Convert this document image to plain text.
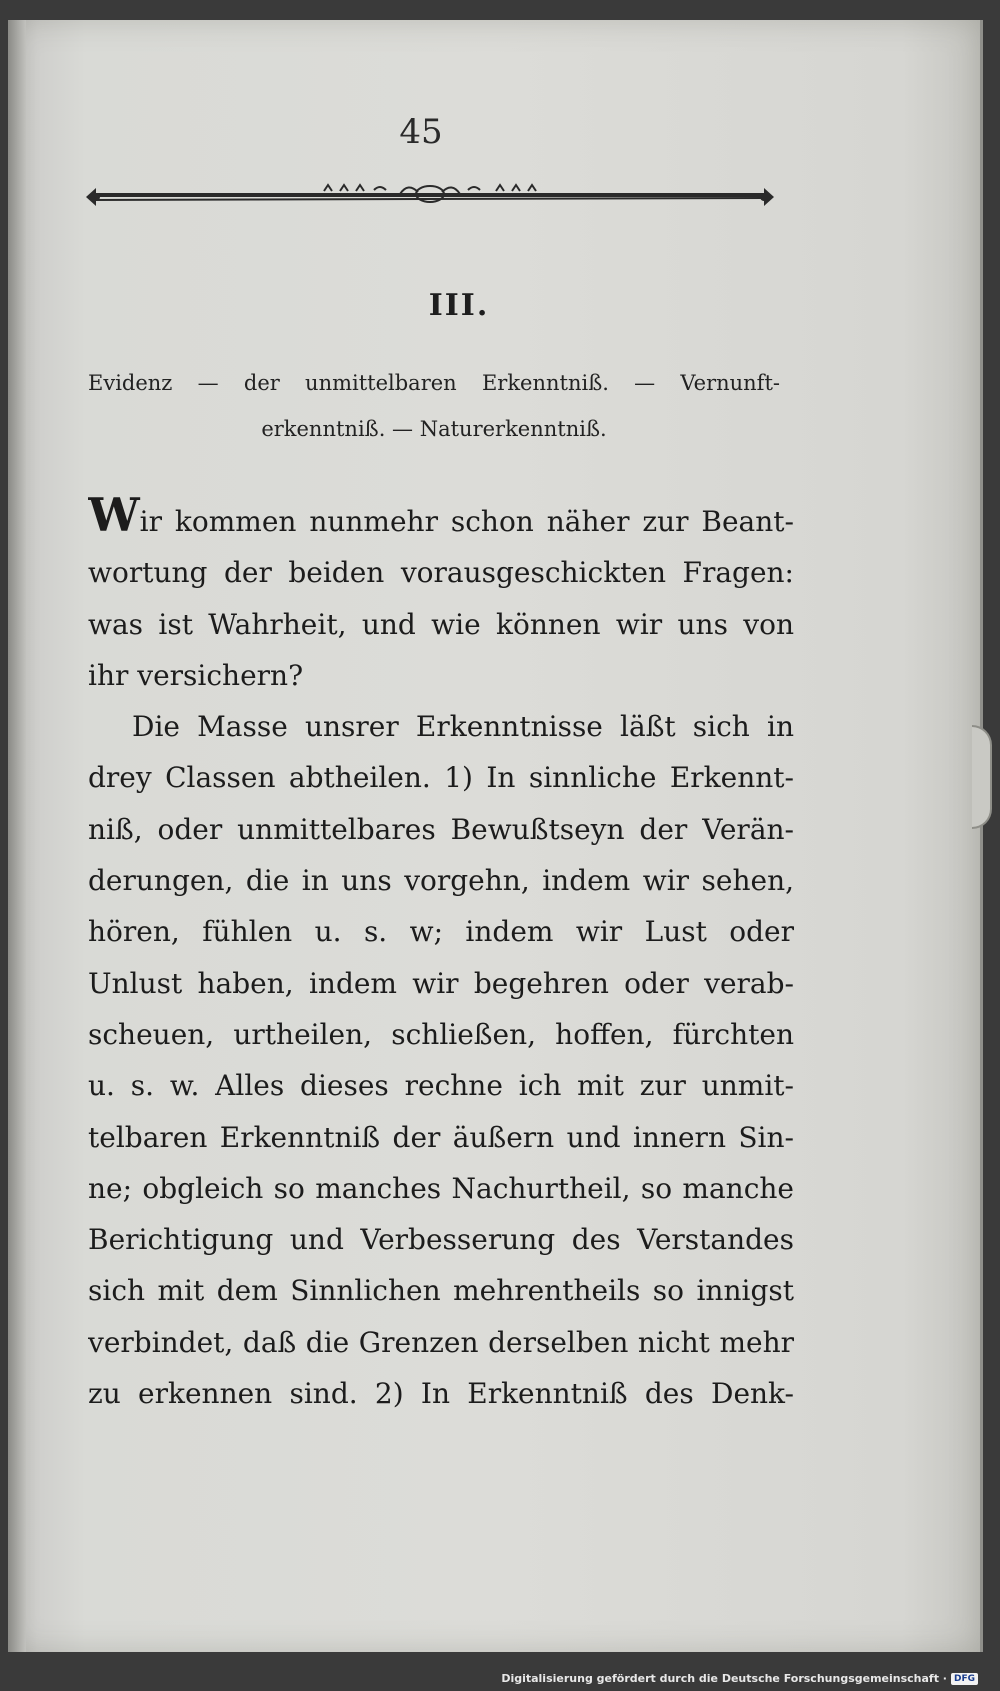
45
III.
Evidenz — der unmittelbaren Erkenntniß. — Vernunft-
erkenntniß. — Naturerkenntniß.
Wir kommen nunmehr schon näher zur Beant-
wortung der beiden vorausgeschickten Fragen:
was ist Wahrheit, und wie können wir uns von
ihr versichern?
Die Masse unsrer Erkenntnisse läßt sich in
drey Classen abtheilen. 1) In sinnliche Erkennt-
niß, oder unmittelbares Bewußtseyn der Verän-
derungen, die in uns vorgehn, indem wir sehen,
hören, fühlen u. s. w; indem wir Lust oder
Unlust haben, indem wir begehren oder verab-
scheuen, urtheilen, schließen, hoffen, fürchten
u. s. w. Alles dieses rechne ich mit zur unmit-
telbaren Erkenntniß der äußern und innern Sin-
ne; obgleich so manches Nachurtheil, so manche
Berichtigung und Verbesserung des Verstandes
sich mit dem Sinnlichen mehrentheils so innigst
verbindet, daß die Grenzen derselben nicht mehr
zu erkennen sind. 2) In Erkenntniß des Denk-
Digitalisierung gefördert durch die Deutsche Forschungsgemeinschaft · DFG
